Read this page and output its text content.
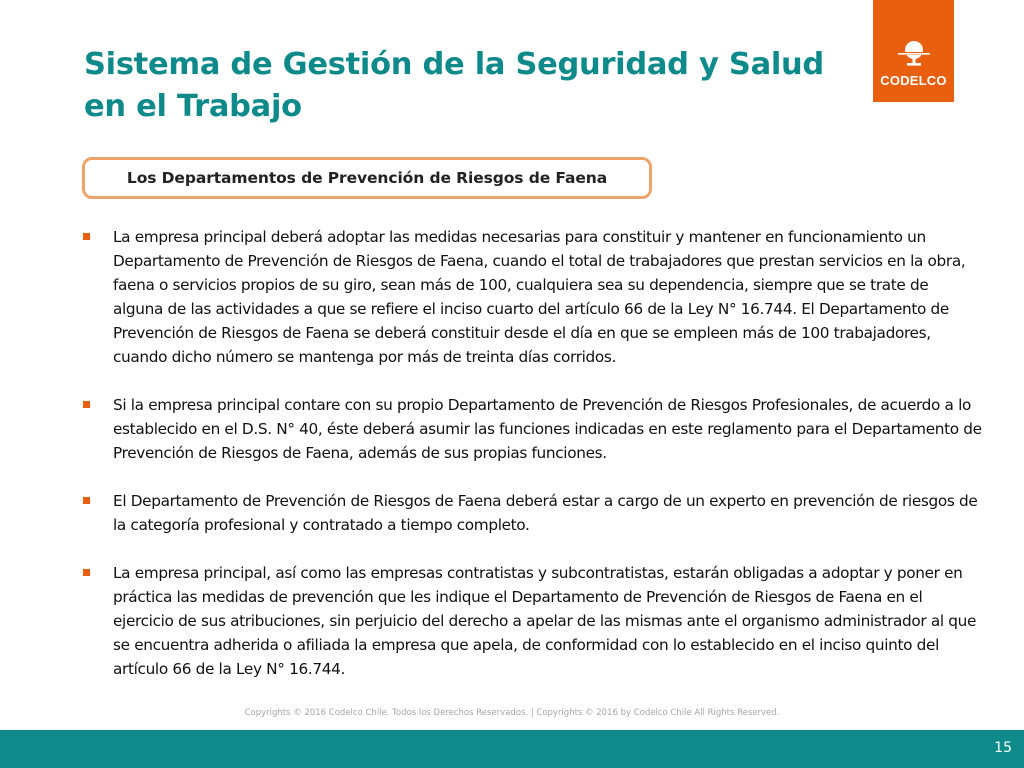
Sistema de Gestión de la Seguridad y Salud en el Trabajo
CODELCO
Los Departamentos de Prevención de Riesgos de Faena
La empresa principal deberá adoptar las medidas necesarias para constituir y mantener en funcionamiento un Departamento de Prevención de Riesgos de Faena, cuando el total de trabajadores que prestan servicios en la obra, faena o servicios propios de su giro, sean más de 100, cualquiera sea su dependencia, siempre que se trate de alguna de las actividades a que se refiere el inciso cuarto del artículo 66 de la Ley N° 16.744. El Departamento de Prevención de Riesgos de Faena se deberá constituir desde el día en que se empleen más de 100 trabajadores, cuando dicho número se mantenga por más de treinta días corridos.
Si la empresa principal contare con su propio Departamento de Prevención de Riesgos Profesionales, de acuerdo a lo establecido en el D.S. N° 40, éste deberá asumir las funciones indicadas en este reglamento para el Departamento de Prevención de Riesgos de Faena, además de sus propias funciones.
El Departamento de Prevención de Riesgos de Faena deberá estar a cargo de un experto en prevención de riesgos de la categoría profesional y contratado a tiempo completo.
La empresa principal, así como las empresas contratistas y subcontratistas, estarán obligadas a adoptar y poner en práctica las medidas de prevención que les indique el Departamento de Prevención de Riesgos de Faena en el ejercicio de sus atribuciones, sin perjuicio del derecho a apelar de las mismas ante el organismo administrador al que se encuentra adherida o afiliada la empresa que apela, de conformidad con lo establecido en el inciso quinto del artículo 66 de la Ley N° 16.744.
Copyrights © 2016 Codelco Chile. Todos los Derechos Reservados. | Copyrights © 2016 by Codelco Chile All Rights Reserved.
15
